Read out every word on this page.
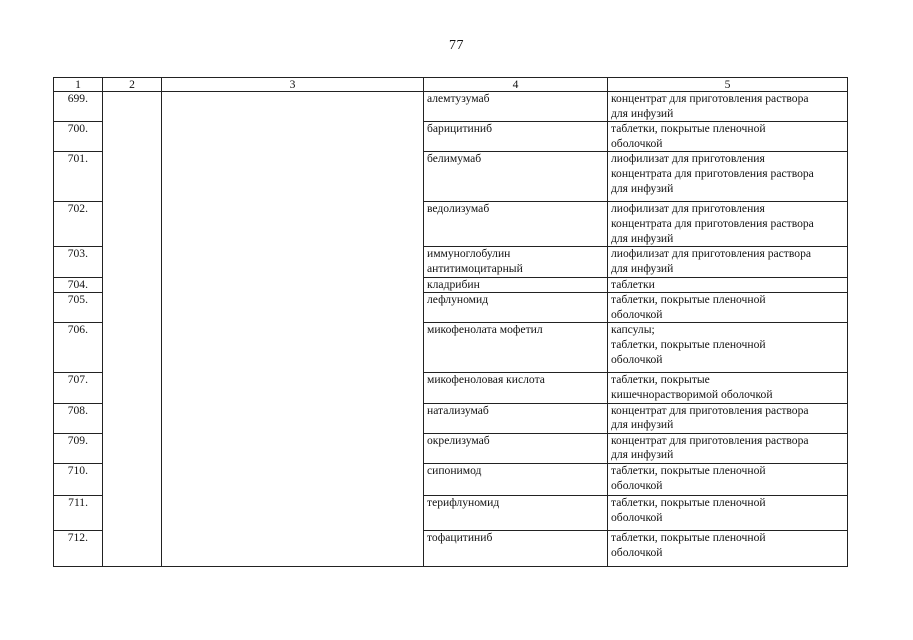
77
1	2	3	4	5
699.			алемтузумаб	концентрат для приготовления раствора
для инфузий
700.			барицитиниб	таблетки, покрытые пленочной
оболочкой
701.			белимумаб	лиофилизат для приготовления
концентрата для приготовления раствора
для инфузий
702.			ведолизумаб	лиофилизат для приготовления
концентрата для приготовления раствора
для инфузий
703.			иммуноглобулин антитимоцитарный	лиофилизат для приготовления раствора
для инфузий
704.			кладрибин	таблетки
705.			лефлуномид	таблетки, покрытые пленочной
оболочкой
706.			микофенолата мофетил	капсулы;
таблетки, покрытые пленочной
оболочкой
707.			микофеноловая кислота	таблетки, покрытые
кишечнорастворимой оболочкой
708.			натализумаб	концентрат для приготовления раствора
для инфузий
709.			окрелизумаб	концентрат для приготовления раствора
для инфузий
710.			сипонимод	таблетки, покрытые пленочной
оболочкой
711.			терифлуномид	таблетки, покрытые пленочной
оболочкой
712.			тофацитиниб	таблетки, покрытые пленочной
оболочкой
